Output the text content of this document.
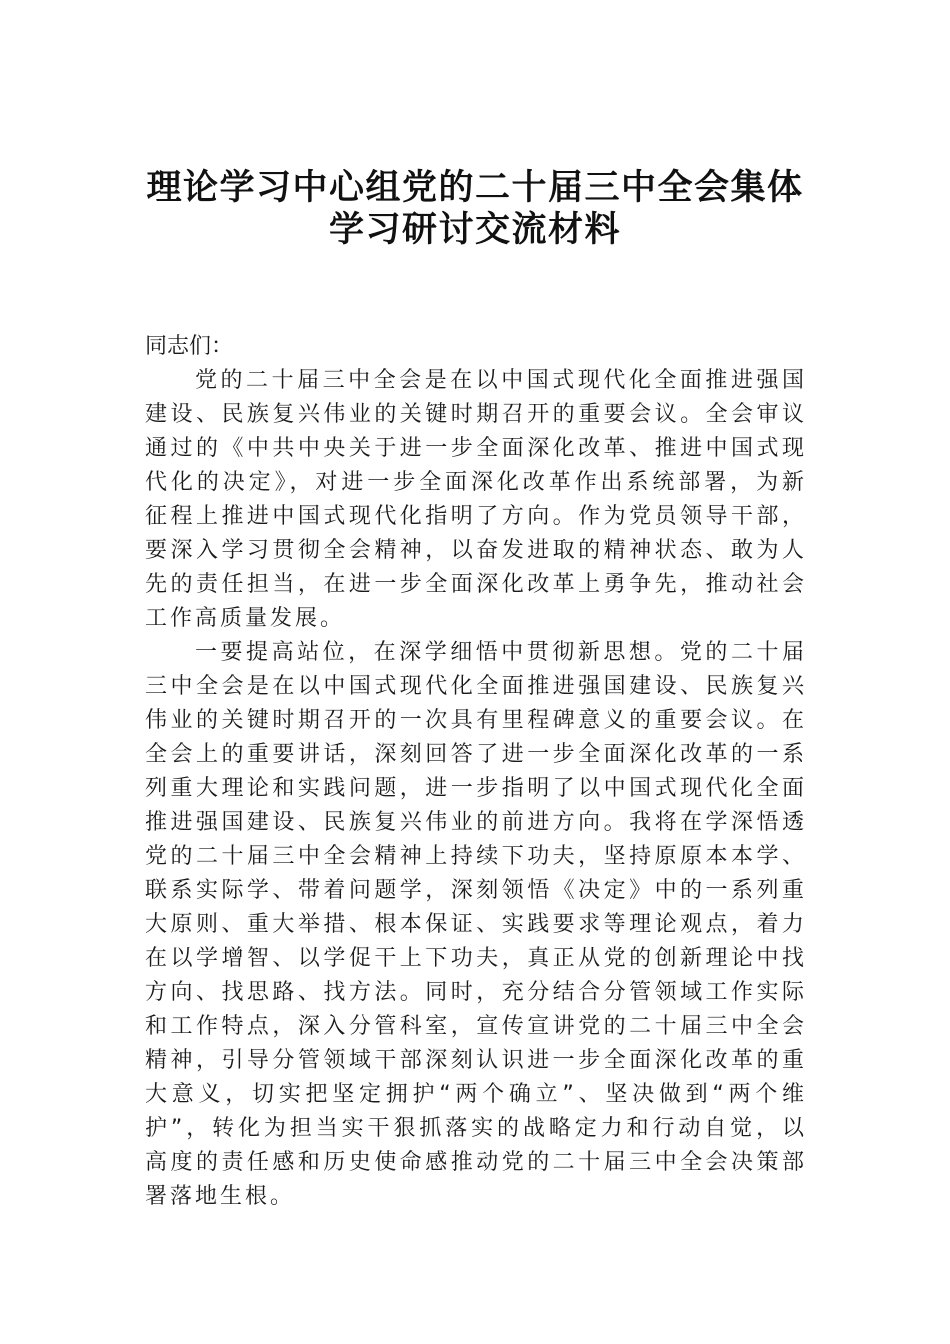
理论学习中心组党的二十届三中全会集体
学习研讨交流材料
同志们：

党的二十届三中全会是在以中国式现代化全面推进强国建设、民族复兴伟业的关键时期召开的重要会议。全会审议通过的《中共中央关于进一步全面深化改革、推进中国式现代化的决定》，对进一步全面深化改革作出系统部署，为新征程上推进中国式现代化指明了方向。作为党员领导干部，要深入学习贯彻全会精神，以奋发进取的精神状态、敢为人先的责任担当，在进一步全面深化改革上勇争先，推动社会工作高质量发展。

一要提高站位，在深学细悟中贯彻新思想。党的二十届三中全会是在以中国式现代化全面推进强国建设、民族复兴伟业的关键时期召开的一次具有里程碑意义的重要会议。在全会上的重要讲话，深刻回答了进一步全面深化改革的一系列重大理论和实践问题，进一步指明了以中国式现代化全面推进强国建设、民族复兴伟业的前进方向。我将在学深悟透党的二十届三中全会精神上持续下功夫，坚持原原本本学、联系实际学、带着问题学，深刻领悟《决定》中的一系列重大原则、重大举措、根本保证、实践要求等理论观点，着力在以学增智、以学促干上下功夫，真正从党的创新理论中找方向、找思路、找方法。同时，充分结合分管领域工作实际和工作特点，深入分管科室，宣传宣讲党的二十届三中全会精神，引导分管领域干部深刻认识进一步全面深化改革的重大意义，切实把坚定拥护“两个确立”、坚决做到“两个维护”，转化为担当实干狠抓落实的战略定力和行动自觉，以高度的责任感和历史使命感推动党的二十届三中全会决策部署落地生根。
